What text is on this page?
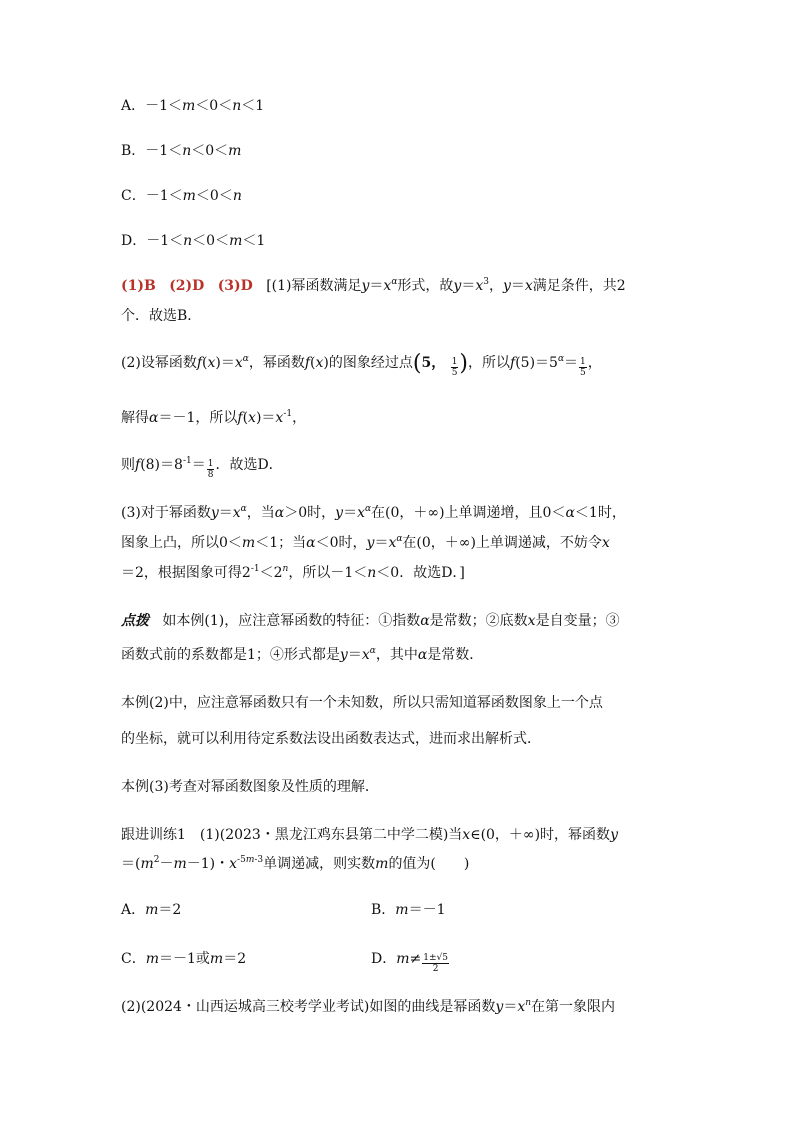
A．－1＜m＜0＜n＜1
B．－1＜n＜0＜m
C．－1＜m＜0＜n
D．－1＜n＜0＜m＜1
(1)B (2)D (3)D [(1)幂函数满足$y=x^\alpha$形式，故$y=x^3$，y＝x满足条件，共2
个．故选B．
(2)设幂函数$f(x)=x^\alpha$，幂函数f(x)的图象经过点(5， $\frac{1}{5}$ )，所以$f(5)=5^\alpha= \frac{1}{5}$ ，
解得α＝－1，所以$f(x)=x^{-1}$，
则$f(8)=8^{-1}= \frac{1}{8}$ ．故选D．
(3)对于幂函数$y=x^\alpha$，当α＞0时，$y=x^\alpha$在(0，＋∞)上单调递增，且0＜α＜1时，
图象上凸，所以0＜m＜1；当α＜0时，$y=x^\alpha$在(0，＋∞)上单调递减，不妨令x
＝2，根据图象可得$2^{-1}<2^n$，所以－1＜n＜0．故选D．]
点拨 如本例(1)，应注意幂函数的特征：①指数α是常数；②底数x是自变量；③
函数式前的系数都是1；④形式都是$y=x^\alpha$，其中α是常数．
本例(2)中，应注意幂函数只有一个未知数，所以只需知道幂函数图象上一个点
的坐标，就可以利用待定系数法设出函数表达式，进而求出解析式．
本例(3)考查对幂函数图象及性质的理解．
跟进训练1　(1)(2023・黑龙江鸡东县第二中学二模)当x∈(0，＋∞)时，幂函数y
$=(m^2-m-1)$・$x^{-5m-3}$单调递减，则实数m的值为(　　)
A．m＝2	B．m＝－1
C．m＝－1或m＝2	D．$m\ne \frac{1\pm√5}{2}$
(2)(2024・山西运城高三校考学业考试)如图的曲线是幂函数$y=x^n$在第一象限内
